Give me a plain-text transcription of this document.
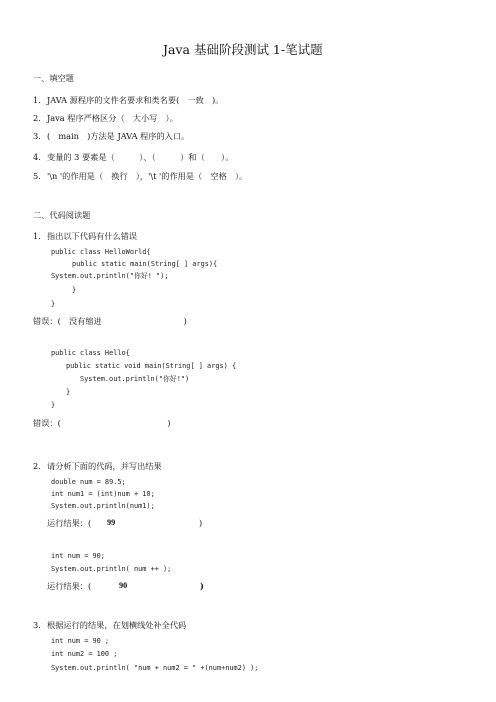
Java 基础阶段测试 1-笔试题
一、填空题
1. JAVA 源程序的文件名要求和类名要(　一致　)。
2. Java 程序严格区分（　大小写　）。
3. (　main　)方法是 JAVA 程序的入口。
4. 变量的 3 要素是（　　　）、（　　　）和（　　）。
5. '\n '的作用是（　换行　），'\t '的作用是（　空格　）。
二、代码阅读题
1. 指出以下代码有什么错误
public class HelloWorld{
public static main(String[ ] args){
System.out.println("你好! ");
}
}
错误：(　没有缩进　　　　　　　　　　)
public class Hello{
public static void main(String[ ] args) {
System.out.println("你好!")
}
}
错误：(　　　　　　　　　　　　　)
2. 请分析下面的代码，并写出结果
double num = 89.5;
int num1 = (int)num + 10;
System.out.println(num1);
运行结果：( 99	)
int num = 90;
System.out.println( num ++ );
运行结果：(	90	)
3. 根据运行的结果，在划横线处补全代码
int num = 90 ;
int num2 = 100 ;
System.out.println( "num + num2 = " +(num+num2) );
